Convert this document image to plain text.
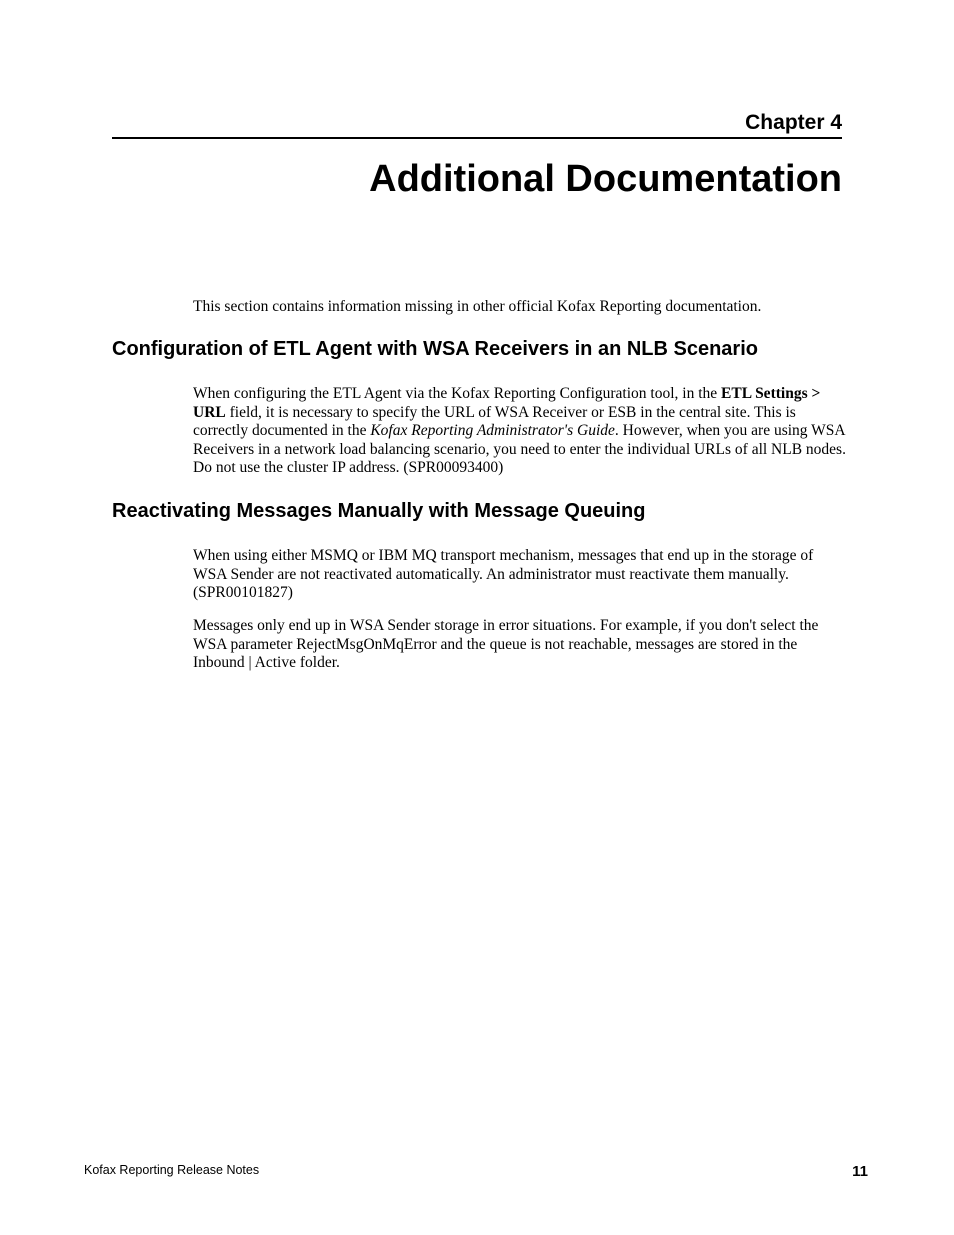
Chapter 4
Additional Documentation

This section contains information missing in other official Kofax Reporting documentation.

Configuration of ETL Agent with WSA Receivers in an NLB Scenario

When configuring the ETL Agent via the Kofax Reporting Configuration tool, in the ETL Settings > URL field, it is necessary to specify the URL of WSA Receiver or ESB in the central site. This is correctly documented in the Kofax Reporting Administrator's Guide. However, when you are using WSA Receivers in a network load balancing scenario, you need to enter the individual URLs of all NLB nodes. Do not use the cluster IP address. (SPR00093400)

Reactivating Messages Manually with Message Queuing

When using either MSMQ or IBM MQ transport mechanism, messages that end up in the storage of WSA Sender are not reactivated automatically. An administrator must reactivate them manually. (SPR00101827)

Messages only end up in WSA Sender storage in error situations. For example, if you don't select the WSA parameter RejectMsgOnMqError and the queue is not reachable, messages are stored in the Inbound | Active folder.

Kofax Reporting Release Notes	11
